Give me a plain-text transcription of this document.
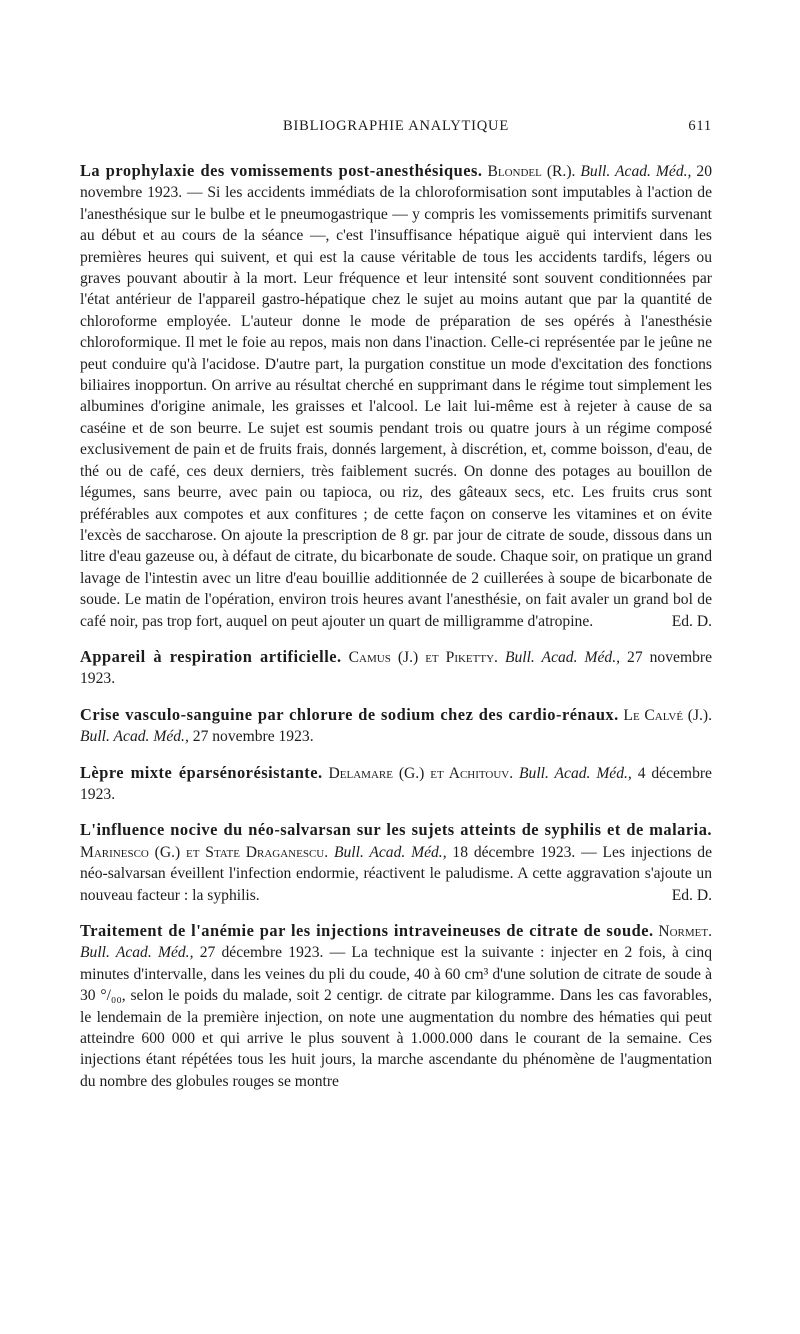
BIBLIOGRAPHIE ANALYTIQUE	611

La prophylaxie des vomissements post-anesthésiques. Blondel (R.). Bull. Acad. Méd., 20 novembre 1923. — Si les accidents immédiats de la chloroformisation sont imputables à l'action de l'anesthésique sur le bulbe et le pneumogastrique — y compris les vomissements primitifs survenant au début et au cours de la séance —, c'est l'insuffisance hépatique aiguë qui intervient dans les premières heures qui suivent, et qui est la cause véritable de tous les accidents tardifs, légers ou graves pouvant aboutir à la mort. Leur fréquence et leur intensité sont souvent conditionnées par l'état antérieur de l'appareil gastro-hépatique chez le sujet au moins autant que par la quantité de chloroforme employée. L'auteur donne le mode de préparation de ses opérés à l'anesthésie chloroformique. Il met le foie au repos, mais non dans l'inaction. Celle-ci représentée par le jeûne ne peut conduire qu'à l'acidose. D'autre part, la purgation constitue un mode d'excitation des fonctions biliaires inopportun. On arrive au résultat cherché en supprimant dans le régime tout simplement les albumines d'origine animale, les graisses et l'alcool. Le lait lui-même est à rejeter à cause de sa caséine et de son beurre. Le sujet est soumis pendant trois ou quatre jours à un régime composé exclusivement de pain et de fruits frais, donnés largement, à discrétion, et, comme boisson, d'eau, de thé ou de café, ces deux derniers, très faiblement sucrés. On donne des potages au bouillon de légumes, sans beurre, avec pain ou tapioca, ou riz, des gâteaux secs, etc. Les fruits crus sont préférables aux compotes et aux confitures ; de cette façon on conserve les vitamines et on évite l'excès de saccharose. On ajoute la prescription de 8 gr. par jour de citrate de soude, dissous dans un litre d'eau gazeuse ou, à défaut de citrate, du bicarbonate de soude. Chaque soir, on pratique un grand lavage de l'intestin avec un litre d'eau bouillie additionnée de 2 cuillerées à soupe de bicarbonate de soude. Le matin de l'opération, environ trois heures avant l'anesthésie, on fait avaler un grand bol de café noir, pas trop fort, auquel on peut ajouter un quart de milligramme d'atropine.	Ed. D.

Appareil à respiration artificielle. Camus (J.) et Piketty. Bull. Acad. Méd., 27 novembre 1923.

Crise vasculo-sanguine par chlorure de sodium chez des cardio-rénaux. Le Calvé (J.). Bull. Acad. Méd., 27 novembre 1923.

Lèpre mixte éparsénorésistante. Delamare (G.) et Achitouv. Bull. Acad. Méd., 4 décembre 1923.

L'influence nocive du néo-salvarsan sur les sujets atteints de syphilis et de malaria. Marinesco (G.) et State Draganescu. Bull. Acad. Méd., 18 décembre 1923. — Les injections de néo-salvarsan éveillent l'infection endormie, réactivent le paludisme. A cette aggravation s'ajoute un nouveau facteur : la syphilis.	Ed. D.

Traitement de l'anémie par les injections intraveineuses de citrate de soude. Normet. Bull. Acad. Méd., 27 décembre 1923. — La technique est la suivante : injecter en 2 fois, à cinq minutes d'intervalle, dans les veines du pli du coude, 40 à 60 cm³ d'une solution de citrate de soude à 30 °/₀₀, selon le poids du malade, soit 2 centigr. de citrate par kilogramme. Dans les cas favorables, le lendemain de la première injection, on note une augmentation du nombre des hématies qui peut atteindre 600 000 et qui arrive le plus souvent à 1.000.000 dans le courant de la semaine. Ces injections étant répétées tous les huit jours, la marche ascendante du phénomène de l'augmentation du nombre des globules rouges se montre
